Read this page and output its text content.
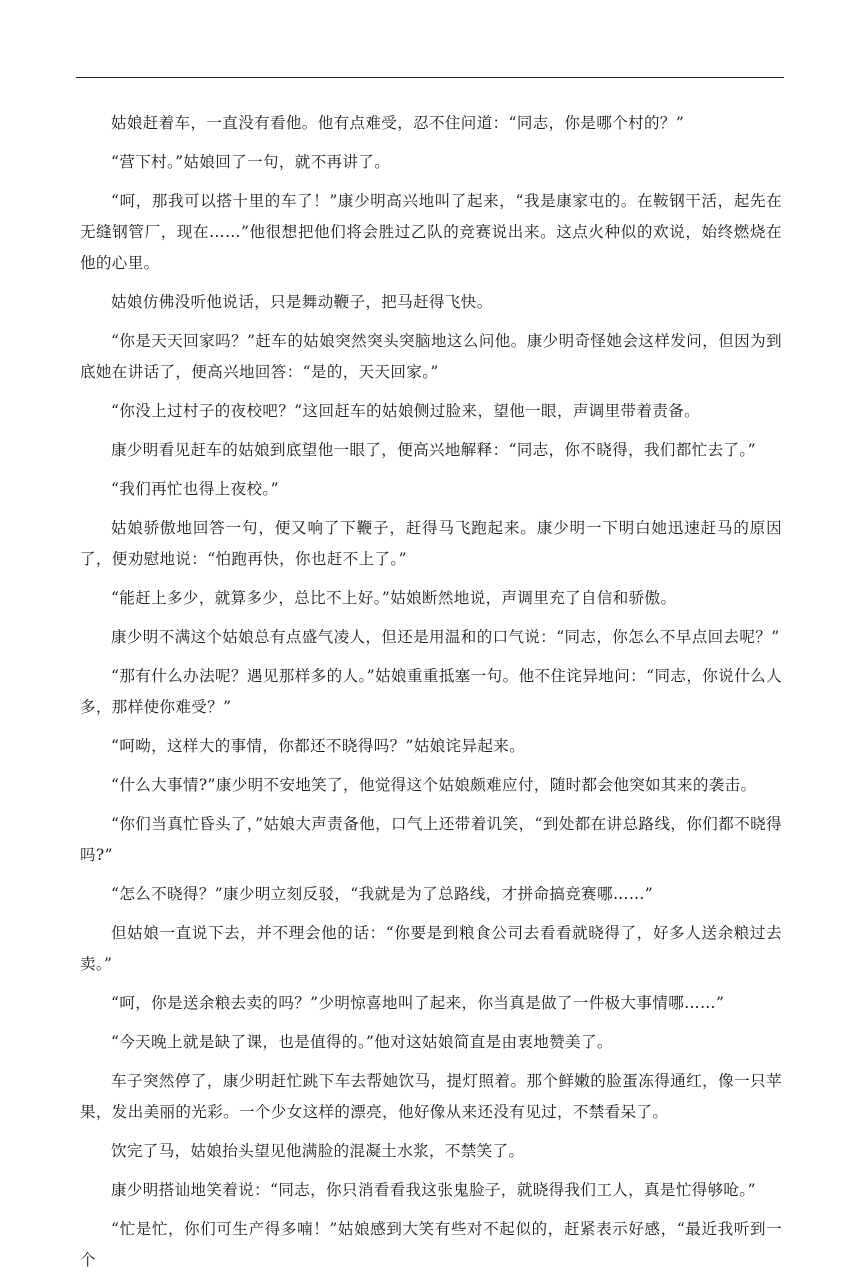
姑娘赶着车，一直没有看他。他有点难受，忍不住问道：“同志，你是哪个村的？”

“营下村。”姑娘回了一句，就不再讲了。

“呵，那我可以搭十里的车了！”康少明高兴地叫了起来，“我是康家屯的。在鞍钢干活，起先在无缝钢管厂，现在……”他很想把他们将会胜过乙队的竞赛说出来。这点火种似的欢说，始终燃烧在他的心里。

姑娘仿佛没听他说话，只是舞动鞭子，把马赶得飞快。

“你是天天回家吗？”赶车的姑娘突然突头突脑地这么问他。康少明奇怪她会这样发问，但因为到底她在讲话了，便高兴地回答：“是的，天天回家。”

“你没上过村子的夜校吧？”这回赶车的姑娘侧过脸来，望他一眼，声调里带着责备。

康少明看见赶车的姑娘到底望他一眼了，便高兴地解释：“同志，你不晓得，我们都忙去了。”

“我们再忙也得上夜校。”

姑娘骄傲地回答一句，便又响了下鞭子，赶得马飞跑起来。康少明一下明白她迅速赶马的原因了，便劝慰地说：“怕跑再快，你也赶不上了。”

“能赶上多少，就算多少，总比不上好。”姑娘断然地说，声调里充了自信和骄傲。

康少明不满这个姑娘总有点盛气凌人，但还是用温和的口气说：“同志，你怎么不早点回去呢？”

“那有什么办法呢？遇见那样多的人。”姑娘重重抵塞一句。他不住诧异地问：“同志，你说什么人多，那样使你难受？”

“呵呦，这样大的事情，你都还不晓得吗？”姑娘诧异起来。

“什么大事情?”康少明不安地笑了，他觉得这个姑娘颇难应付，随时都会他突如其来的袭击。

“你们当真忙昏头了，”姑娘大声责备他，口气上还带着讥笑，“到处都在讲总路线，你们都不晓得吗?”

“怎么不晓得？”康少明立刻反驳，“我就是为了总路线，才拼命搞竞赛哪……”

但姑娘一直说下去，并不理会他的话：“你要是到粮食公司去看看就晓得了，好多人送余粮过去卖。”

“呵，你是送余粮去卖的吗？”少明惊喜地叫了起来，你当真是做了一件极大事情哪……”

“今天晚上就是缺了课，也是值得的。”他对这姑娘简直是由衷地赞美了。

车子突然停了，康少明赶忙跳下车去帮她饮马，提灯照着。那个鲜嫩的脸蛋冻得通红，像一只苹果，发出美丽的光彩。一个少女这样的漂亮，他好像从来还没有见过，不禁看呆了。

饮完了马，姑娘抬头望见他满脸的混凝土水浆，不禁笑了。

康少明搭讪地笑着说：“同志，你只消看看我这张鬼脸子，就晓得我们工人，真是忙得够呛。”

“忙是忙，你们可生产得多喃！”姑娘感到大笑有些对不起似的，赶紧表示好感，“最近我听到一个
